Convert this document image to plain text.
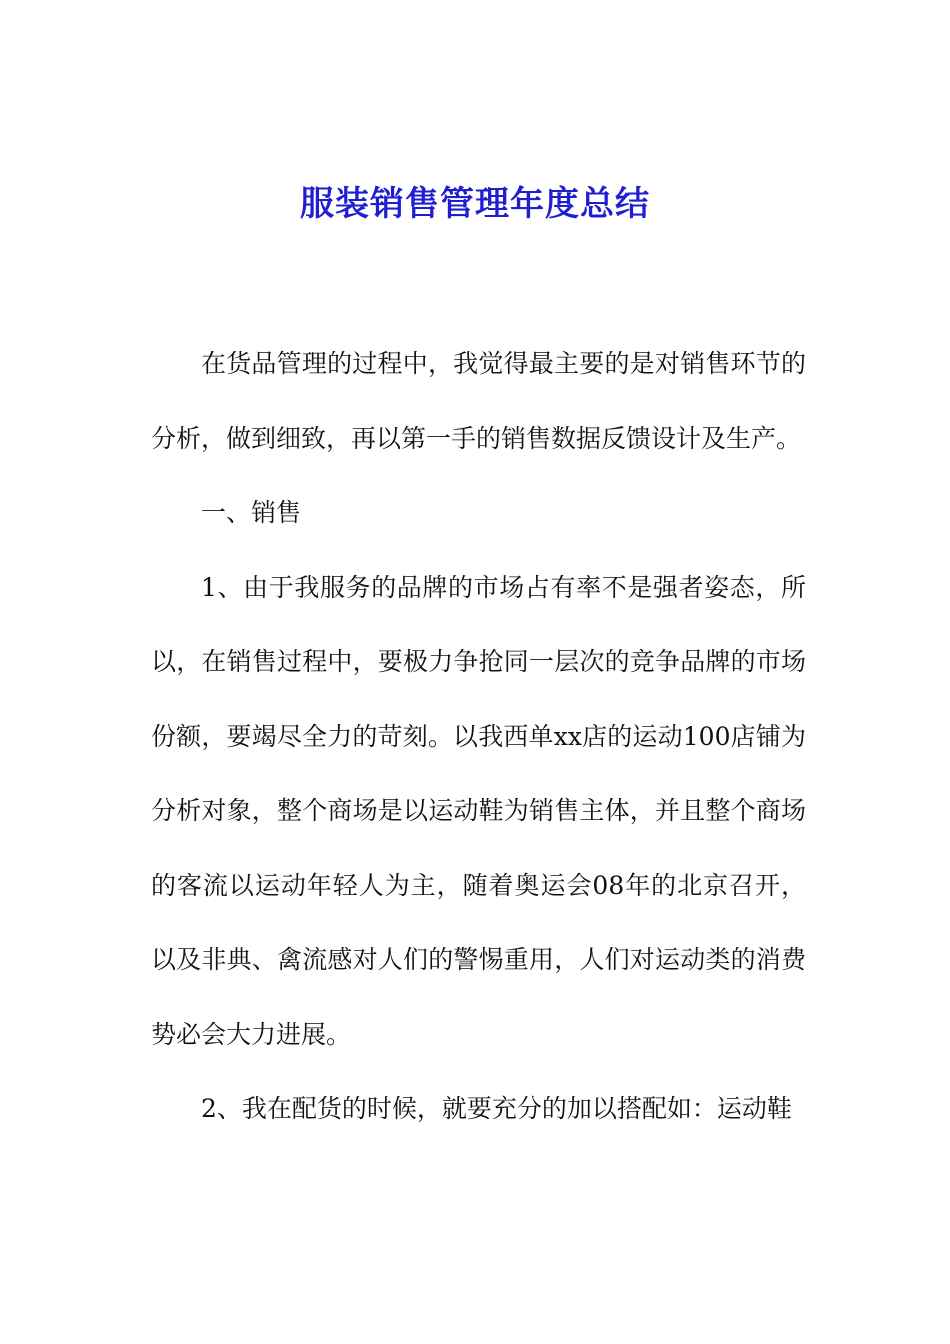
服装销售管理年度总结

在货品管理的过程中，我觉得最主要的是对销售环节的分析，做到细致，再以第一手的销售数据反馈设计及生产。

一、销售

1、由于我服务的品牌的市场占有率不是强者姿态，所以，在销售过程中，要极力争抢同一层次的竞争品牌的市场份额，要竭尽全力的苛刻。以我西单xx店的运动100店铺为分析对象，整个商场是以运动鞋为销售主体，并且整个商场的客流以运动年轻人为主，随着奥运会08年的北京召开，以及非典、禽流感对人们的警惕重用，人们对运动类的消费势必会大力进展。

2、我在配货的时候，就要充分的加以搭配如：运动鞋
